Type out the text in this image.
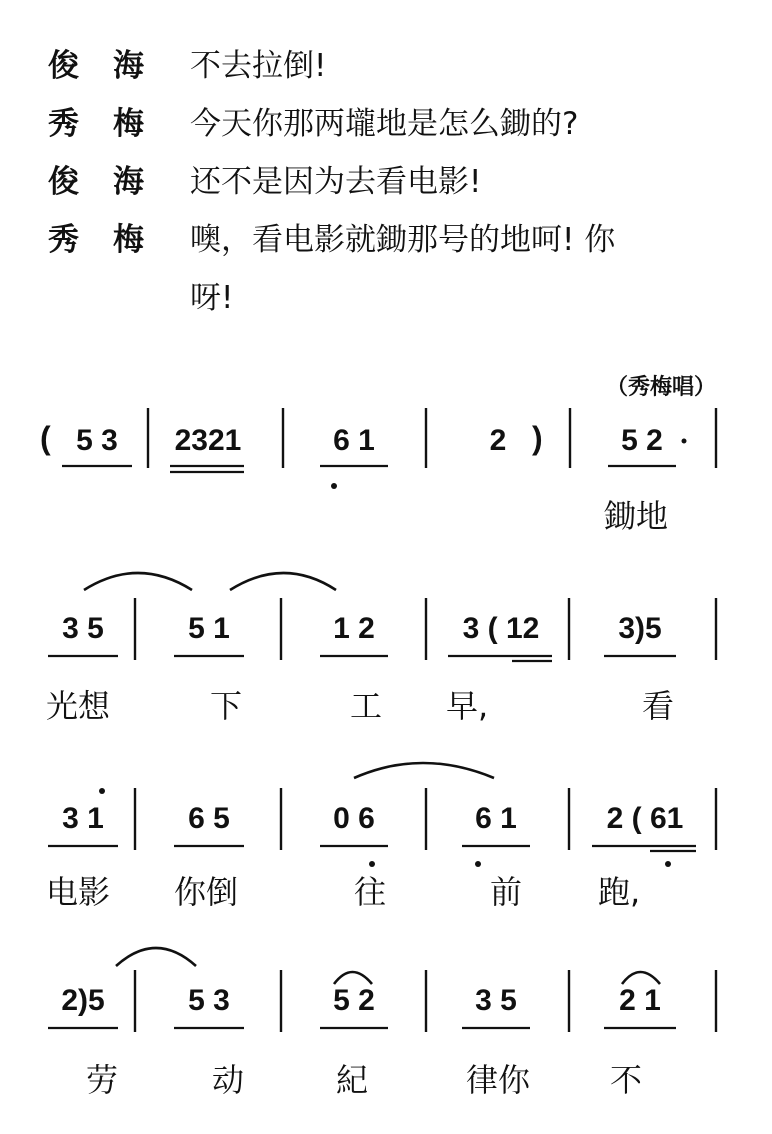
俊海 不去拉倒!
秀梅 今天你那两壠地是怎么鋤的?
俊海 还不是因为去看电影!
秀梅 噢，看电影就鋤那号的地呵! 你
呀!
（秀梅唱）
( 5 3	2321	6 1	2 )	5 2
鋤地
3 5	5 1	1 2	3 ( 12	3)5
光想	下	工 早,	看
3 1	6 5	0 6	6 1	2 ( 61
电影 你倒	往	前 跑,
2)5	5 3	5 2	3 5	2 1
劳	动	紀	律你 不
